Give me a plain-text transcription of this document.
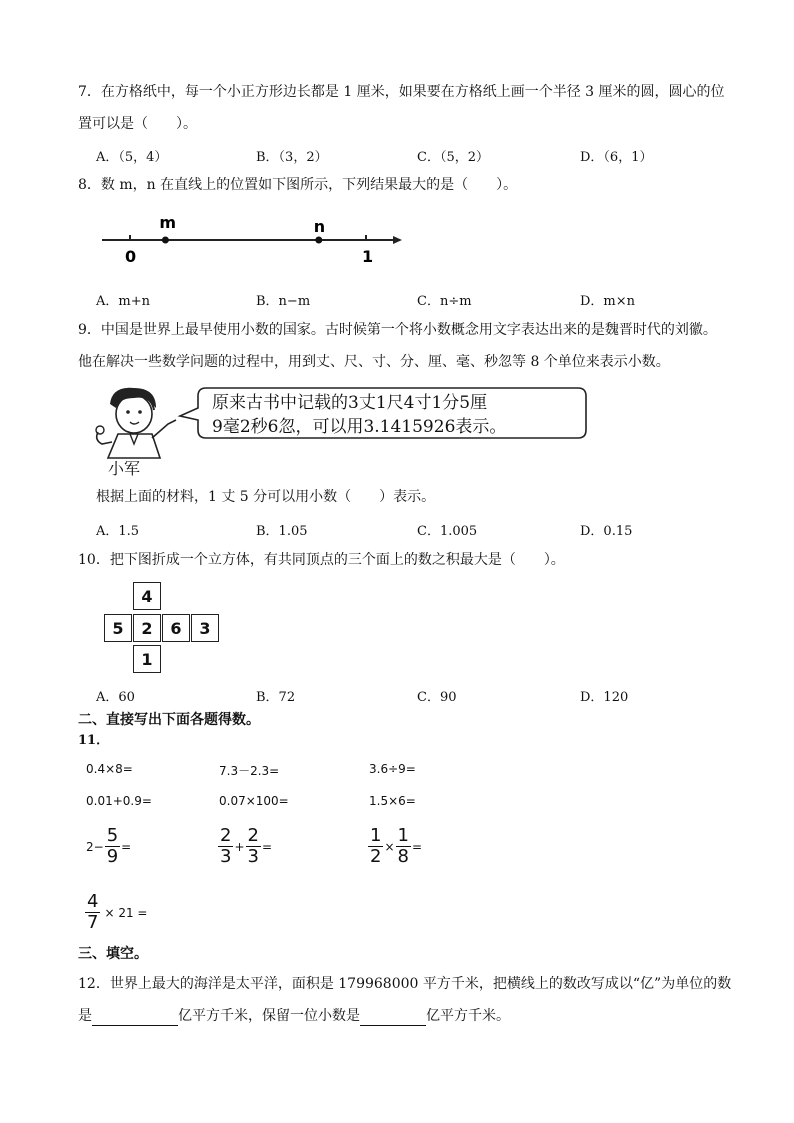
7．在方格纸中，每一个小正方形边长都是 1 厘米，如果要在方格纸上画一个半径 3 厘米的圆，圆心的位
置可以是（　　）。
A．（5，4）	B．（3，2）	C．（5，2）	D．（6，1）
8．数 m，n 在直线上的位置如下图所示，下列结果最大的是（　　）。
0	1
m	n
A．m+n	B．n−m	C．n÷m	D．m×n
9．中国是世界上最早使用小数的国家。古时候第一个将小数概念用文字表达出来的是魏晋时代的刘徽。
他在解决一些数学问题的过程中，用到丈、尺、寸、分、厘、毫、秒忽等 8 个单位来表示小数。
小军
原来古书中记载的3丈1尺4寸1分5厘
9毫2秒6忽，可以用3.1415926表示。
根据上面的材料，1 丈 5 分可以用小数（　　）表示。
A．1.5	B．1.05	C．1.005	D．0.15
10．把下图折成一个立方体，有共同顶点的三个面上的数之积最大是（　　）。
4
5	2	6	3
1
A．60	B．72	C．90	D．120
二、直接写出下面各题得数。
11．
0.4×8=	7.3－2.3=	3.6÷9=
0.01+0.9=	0.07×100=	1.5×6=
$2- \frac{5}{9}$ =	$\frac{2}{3} + \frac{2}{3}$ =	$\frac{1}{2} \times \frac{1}{8}$ =
$\frac{4}{7} \times 21$ =
三、填空。
12．世界上最大的海洋是太平洋，面积是 179968000 平方千米，把横线上的数改写成以“亿”为单位的数
是	亿平方千米，保留一位小数是	亿平方千米。
